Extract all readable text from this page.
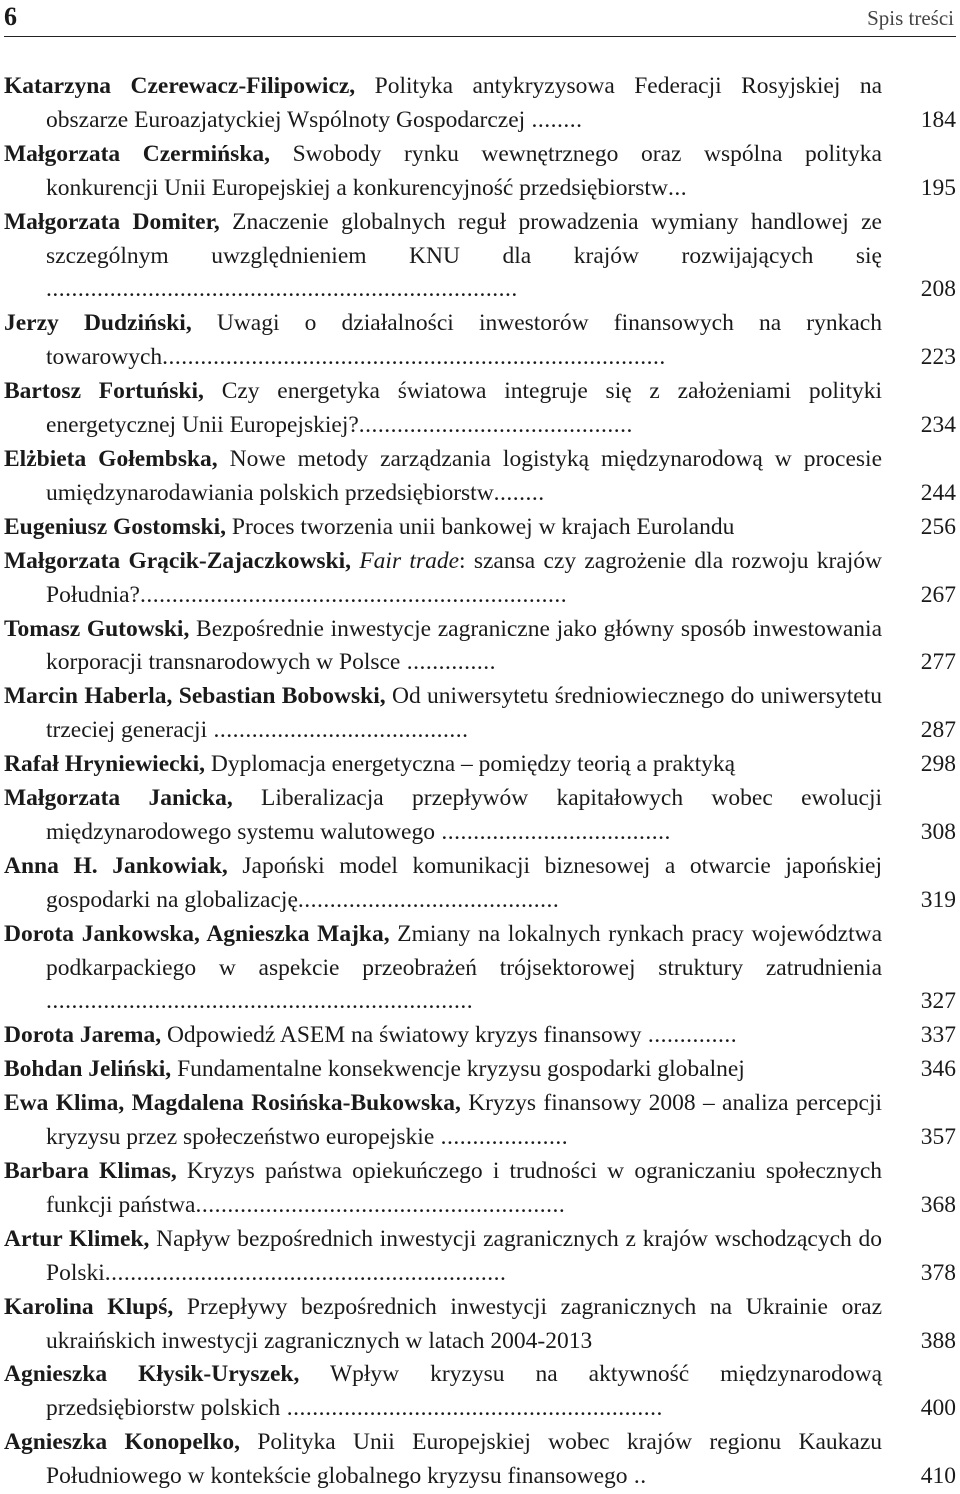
6	Spis treści
Katarzyna Czerewacz-Filipowicz, Polityka antykryzysowa Federacji Rosyjskiej na obszarze Euroazjatyckiej Wspólnoty Gospodarczej ........	184
Małgorzata Czermińska, Swobody rynku wewnętrznego oraz wspólna polityka konkurencji Unii Europejskiej a konkurencyjność przedsiębiorstw...	195
Małgorzata Domiter, Znaczenie globalnych reguł prowadzenia wymiany handlowej ze szczególnym uwzględnieniem KNU dla krajów rozwijających się ..........................................................................	208
Jerzy Dudziński, Uwagi o działalności inwestorów finansowych na rynkach towarowych...............................................................................	223
Bartosz Fortuński, Czy energetyka światowa integruje się z założeniami polityki energetycznej Unii Europejskiej?...........................................	234
Elżbieta Gołembska, Nowe metody zarządzania logistyką międzynarodową w procesie umiędzynarodawiania polskich przedsiębiorstw........	244
Eugeniusz Gostomski, Proces tworzenia unii bankowej w krajach Eurolandu	256
Małgorzata Grącik-Zajaczkowski, Fair trade: szansa czy zagrożenie dla rozwoju krajów Południa?...................................................................	267
Tomasz Gutowski, Bezpośrednie inwestycje zagraniczne jako główny sposób inwestowania korporacji transnarodowych w Polsce ..............	277
Marcin Haberla, Sebastian Bobowski, Od uniwersytetu średniowiecznego do uniwersytetu trzeciej generacji ........................................	287
Rafał Hryniewiecki, Dyplomacja energetyczna – pomiędzy teorią a praktyką	298
Małgorzata Janicka, Liberalizacja przepływów kapitałowych wobec ewolucji międzynarodowego systemu walutowego ....................................	308
Anna H. Jankowiak, Japoński model komunikacji biznesowej a otwarcie japońskiej gospodarki na globalizację.........................................	319
Dorota Jankowska, Agnieszka Majka, Zmiany na lokalnych rynkach pracy województwa podkarpackiego w aspekcie przeobrażeń trójsektorowej struktury zatrudnienia ...................................................................	327
Dorota Jarema, Odpowiedź ASEM na światowy kryzys finansowy ..............	337
Bohdan Jeliński, Fundamentalne konsekwencje kryzysu gospodarki globalnej	346
Ewa Klima, Magdalena Rosińska-Bukowska, Kryzys finansowy 2008 – analiza percepcji kryzysu przez społeczeństwo europejskie ....................	357
Barbara Klimas, Kryzys państwa opiekuńczego i trudności w ograniczaniu społecznych funkcji państwa..........................................................	368
Artur Klimek, Napływ bezpośrednich inwestycji zagranicznych z krajów wschodzących do Polski...............................................................	378
Karolina Klupś, Przepływy bezpośrednich inwestycji zagranicznych na Ukrainie oraz ukraińskich inwestycji zagranicznych w latach 2004-2013	388
Agnieszka Kłysik-Uryszek, Wpływ kryzysu na aktywność międzynarodową przedsiębiorstw polskich ...........................................................	400
Agnieszka Konopelko, Polityka Unii Europejskiej wobec krajów regionu Kaukazu Południowego w kontekście globalnego kryzysu finansowego ..	410
